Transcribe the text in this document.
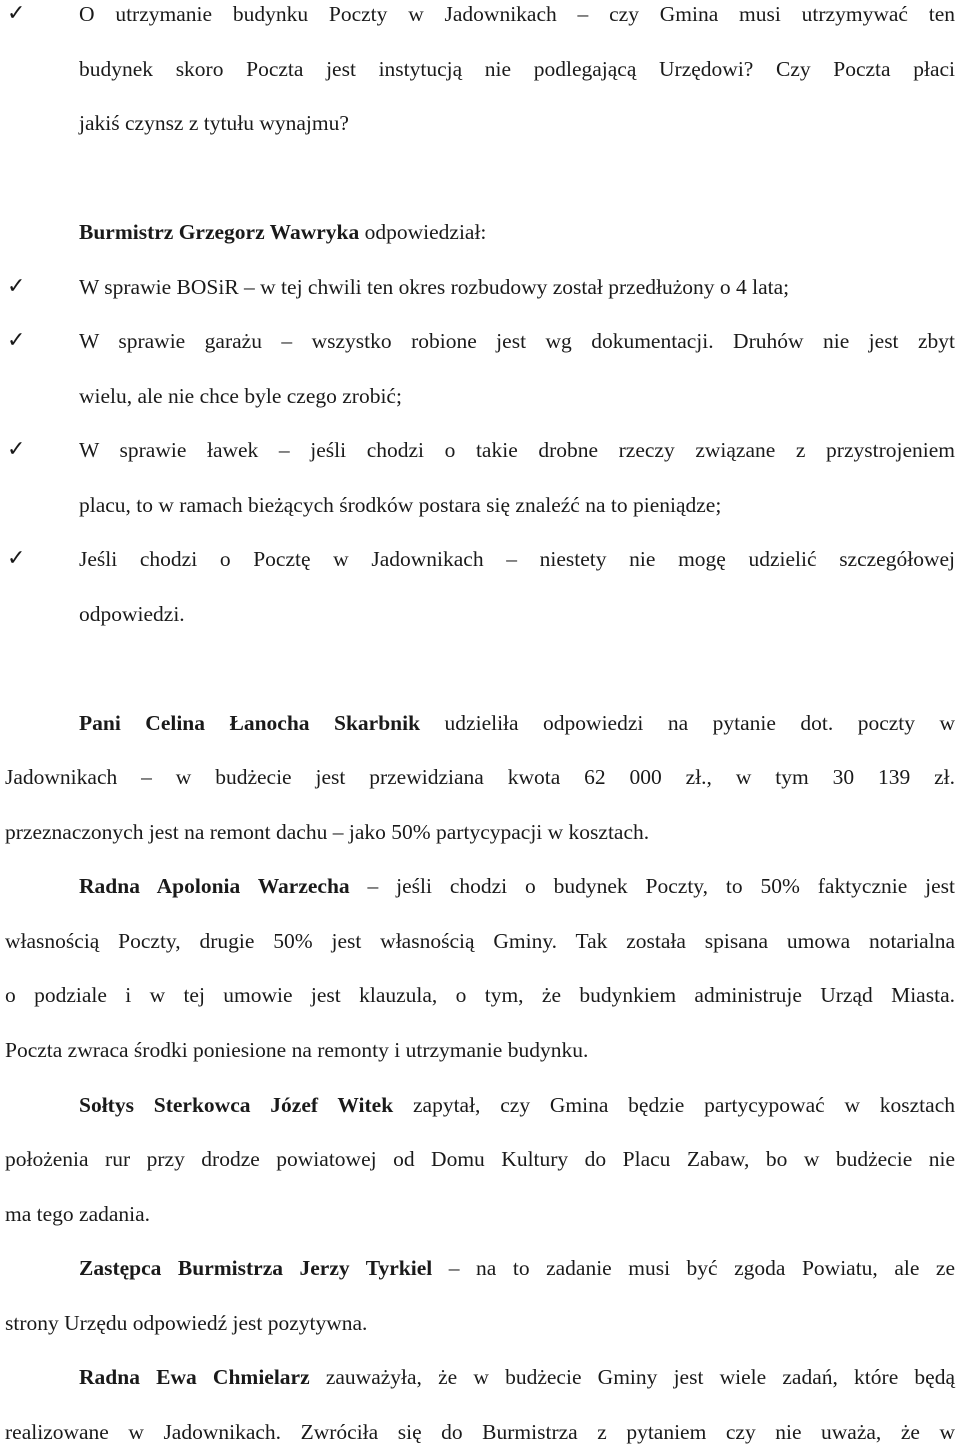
✓ O utrzymanie budynku Poczty w Jadownikach – czy Gmina musi utrzymywać ten
budynek skoro Poczta jest instytucją nie podlegającą Urzędowi? Czy Poczta płaci
jakiś czynsz z tytułu wynajmu?
Burmistrz Grzegorz Wawryka odpowiedział:
✓ W sprawie BOSiR – w tej chwili ten okres rozbudowy został przedłużony o 4 lata;
✓ W sprawie garażu – wszystko robione jest wg dokumentacji. Druhów nie jest zbyt
wielu, ale nie chce byle czego zrobić;
✓ W sprawie ławek – jeśli chodzi o takie drobne rzeczy związane z przystrojeniem
placu, to w ramach bieżących środków postara się znaleźć na to pieniądze;
✓ Jeśli chodzi o Pocztę w Jadownikach – niestety nie mogę udzielić szczegółowej
odpowiedzi.
Pani Celina Łanocha Skarbnik udzieliła odpowiedzi na pytanie dot. poczty w
Jadownikach – w budżecie jest przewidziana kwota 62 000 zł., w tym 30 139 zł.
przeznaczonych jest na remont dachu – jako 50% partycypacji w kosztach.
Radna Apolonia Warzecha – jeśli chodzi o budynek Poczty, to 50% faktycznie jest
własnością Poczty, drugie 50% jest własnością Gminy. Tak została spisana umowa notarialna
o podziale i w tej umowie jest klauzula, o tym, że budynkiem administruje Urząd Miasta.
Poczta zwraca środki poniesione na remonty i utrzymanie budynku.
Sołtys Sterkowca Józef Witek zapytał, czy Gmina będzie partycypować w kosztach
położenia rur przy drodze powiatowej od Domu Kultury do Placu Zabaw, bo w budżecie nie
ma tego zadania.
Zastępca Burmistrza Jerzy Tyrkiel – na to zadanie musi być zgoda Powiatu, ale ze
strony Urzędu odpowiedź jest pozytywna.
Radna Ewa Chmielarz zauważyła, że w budżecie Gminy jest wiele zadań, które będą
realizowane w Jadownikach. Zwróciła się do Burmistrza z pytaniem czy nie uważa, że w
